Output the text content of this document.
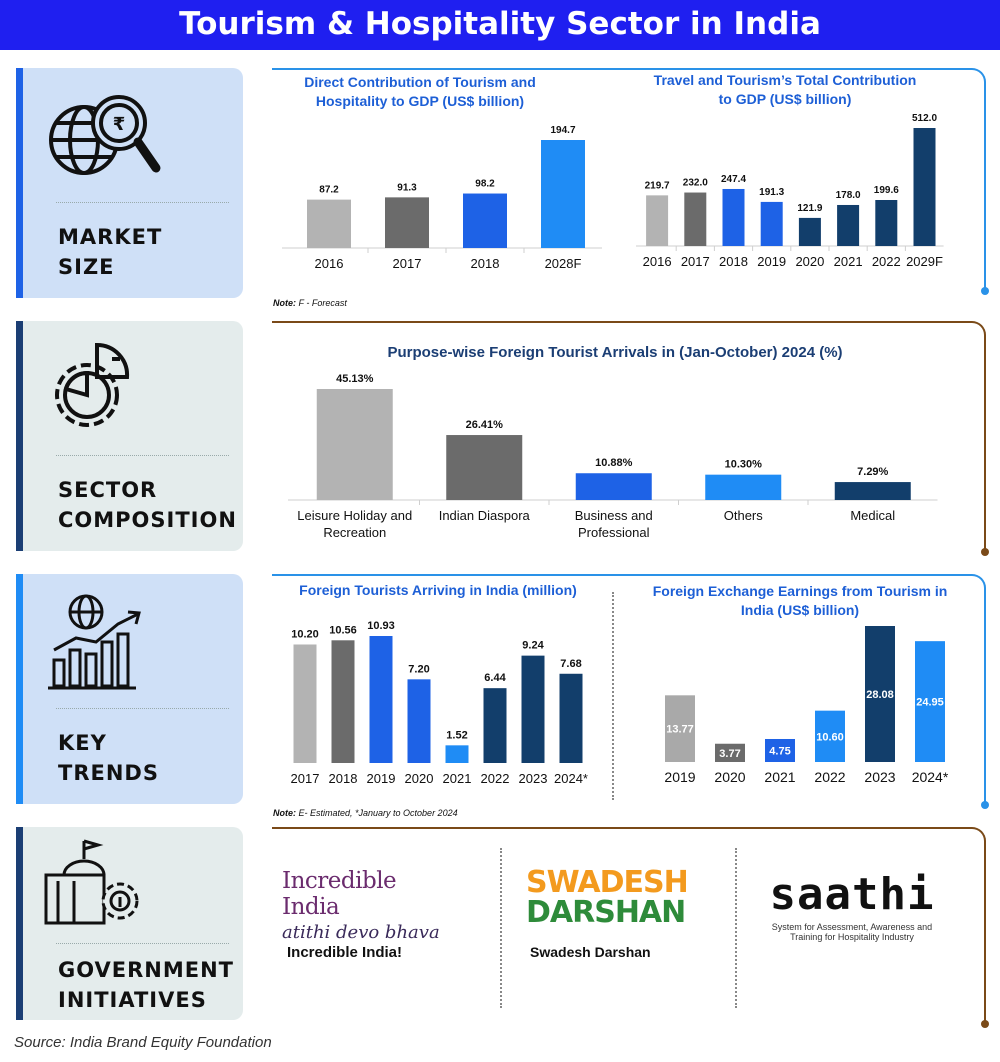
Tourism & Hospitality Sector in India
₹
MARKET
SIZE
SECTOR
COMPOSITION
KEY
TRENDS
GOVERNMENT
INITIATIVES
Direct Contribution of Tourism and
Hospitality to GDP (US$ billion)
Travel and Tourism’s Total Contribution
to GDP (US$ billion)
Purpose-wise Foreign Tourist Arrivals in (Jan-October) 2024 (%)
Foreign Tourists Arriving in India (million)	Foreign Exchange Earnings from Tourism in
India (US$ billion)
87.2
2016
91.3
2017
98.2
2018
194.7
2028F
219.7
2016
232.0
2017
247.4
2018
191.3
2019
121.9
2020
178.0
2021
199.6
2022
512.0
2029F
45.13%
Leisure Holiday and
Recreation
26.41%
Indian Diaspora
10.88%
Business and
Professional
10.30%
Others
7.29%
Medical
10.20
2017
10.56
2018
10.93
2019
7.20
2020
1.52
2021
6.44
2022
9.24
2023
7.68
2024*
13.77
2019
3.77
2020
4.75
2021
10.60
2022
28.08
2023
24.95
2024*
Note: F - Forecast
Note: E- Estimated, *January to October 2024
Incredible India
atithi devo bhava
Incredible India!
SWADESH
DARSHAN
Swadesh Darshan
saathi
System for Assessment, Awareness and
Training for Hospitality Industry
Source: India Brand Equity Foundation
